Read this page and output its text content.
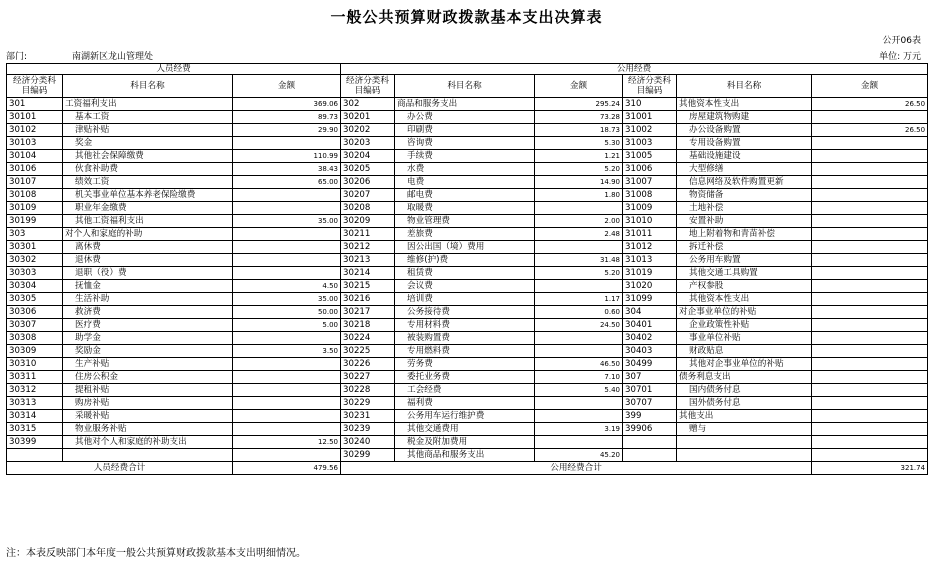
一般公共预算财政拨款基本支出决算表
公开06表
部门:	南湖新区龙山管理处	单位: 万元
人员经费			公用经费					
经济分类科目编码	科目名称	金额	经济分类科目编码	科目名称	金额	经济分类科目编码	科目名称	金额
301	工资福利支出	369.06	302	商品和服务支出	295.24	310	其他资本性支出	26.50
30101	基本工资	89.73	30201	办公费	73.28	31001	房屋建筑物购建	
30102	津贴补贴	29.90	30202	印刷费	18.73	31002	办公设备购置	26.50
30103	奖金		30203	咨询费	5.30	31003	专用设备购置	
30104	其他社会保障缴费	110.99	30204	手续费	1.21	31005	基础设施建设	
30106	伙食补助费	38.43	30205	水费	5.20	31006	大型修缮	
30107	绩效工资	65.00	30206	电费	14.90	31007	信息网络及软件购置更新	
30108	机关事业单位基本养老保险缴费		30207	邮电费	1.80	31008	物资储备	
30109	职业年金缴费		30208	取暖费		31009	土地补偿	
30199	其他工资福利支出	35.00	30209	物业管理费	2.00	31010	安置补助	
303	对个人和家庭的补助		30211	差旅费	2.48	31011	地上附着物和青苗补偿	
30301	离休费		30212	因公出国（境）费用		31012	拆迁补偿	
30302	退休费		30213	维修(护)费	31.48	31013	公务用车购置	
30303	退职（役）费		30214	租赁费	5.20	31019	其他交通工具购置	
30304	抚恤金	4.50	30215	会议费		31020	产权参股	
30305	生活补助	35.00	30216	培训费	1.17	31099	其他资本性支出	
30306	救济费	50.00	30217	公务接待费	0.60	304	对企事业单位的补贴	
30307	医疗费	5.00	30218	专用材料费	24.50	30401	企业政策性补贴	
30308	助学金		30224	被装购置费		30402	事业单位补贴	
30309	奖励金	3.50	30225	专用燃料费		30403	财政贴息	
30310	生产补贴		30226	劳务费	46.50	30499	其他对企事业单位的补贴	
30311	住房公积金		30227	委托业务费	7.10	307	债务利息支出	
30312	提租补贴		30228	工会经费	5.40	30701	国内债务付息	
30313	购房补贴		30229	福利费		30707	国外债务付息	
30314	采暖补贴		30231	公务用车运行维护费		399	其他支出	
30315	物业服务补贴		30239	其他交通费用	3.19	39906	赠与	
30399	其他对个人和家庭的补助支出	12.50	30240	税金及附加费用				
			30299	其他商品和服务支出	45.20			
人员经费合计		479.56	公用经费合计					321.74
注：本表反映部门本年度一般公共预算财政拨款基本支出明细情况。
